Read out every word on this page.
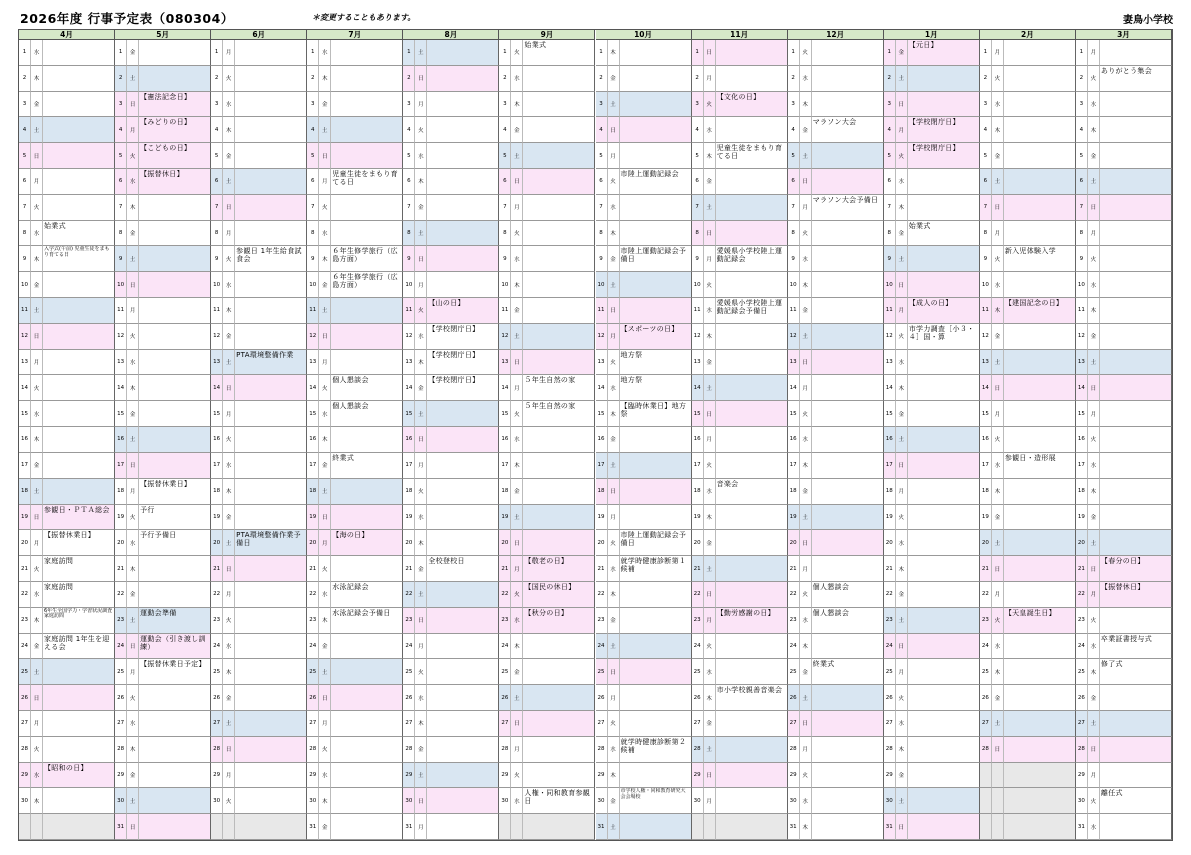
2026年度 行事予定表（080304）	＊変更することもあります。	妻鳥小学校
4月
1	水
2	木
3	金
4	土
5	日
6	月
7	火
8	水
始業式
9	木
入学式(午前) 児童生徒をまもり育てる日
10	金
11	土
12	日
13	月
14	火
15	水
16	木
17	金
18	土
19	日
参観日・ＰＴＡ総会
20	月
【振替休業日】
21	火
家庭訪問
22	水
家庭訪問
23	木
6年生全国学力・学習状況調査 家庭訪問
24	金
家庭訪問 1年生を迎える会
25	土
26	日
27	月
28	火
29	水
【昭和の日】
30	木
5月
1	金
2	土
3	日
【憲法記念日】
4	月
【みどりの日】
5	火
【こどもの日】
6	水
【振替休日】
7	木
8	金
9	土
10	日
11	月
12	火
13	水
14	木
15	金
16	土
17	日
18	月
【振替休業日】
19	火
予行
20	水
予行予備日
21	木
22	金
23	土
運動会準備
24	日
運動会（引き渡し訓練）
25	月
【振替休業日予定】
26	火
27	水
28	木
29	金
30	土
31	日
6月
1	月
2	火
3	水
4	木
5	金
6	土
7	日
8	月
9	火
参観日 1年生給食試食会
10	水
11	木
12	金
13	土
PTA環境整備作業
14	日
15	月
16	火
17	水
18	木
19	金
20	土
PTA環境整備作業予備日
21	日
22	月
23	火
24	水
25	木
26	金
27	土
28	日
29	月
30	火
7月
1	水
2	木
3	金
4	土
5	日
6	月
児童生徒をまもり育てる日
7	火
8	水
9	木
６年生修学旅行（広島方面）
10	金
６年生修学旅行（広島方面）
11	土
12	日
13	月
14	火
個人懇談会
15	水
個人懇談会
16	木
17	金
終業式
18	土
19	日
20	月
【海の日】
21	火
22	水
水泳記録会
23	木
水泳記録会予備日
24	金
25	土
26	日
27	月
28	火
29	水
30	木
31	金
8月
1	土
2	日
3	月
4	火
5	水
6	木
7	金
8	土
9	日
10	月
11	火
【山の日】
12	水
【学校閉庁日】
13	木
【学校閉庁日】
14	金
【学校閉庁日】
15	土
16	日
17	月
18	火
19	水
20	木
21	金
全校登校日
22	土
23	日
24	月
25	火
26	水
27	木
28	金
29	土
30	日
31	月
9月
1	火
始業式
2	水
3	木
4	金
5	土
6	日
7	月
8	火
9	水
10	木
11	金
12	土
13	日
14	月
５年生自然の家
15	火
５年生自然の家
16	水
17	木
18	金
19	土
20	日
21	月
【敬老の日】
22	火
【国民の休日】
23	水
【秋分の日】
24	木
25	金
26	土
27	日
28	月
29	火
30	水
人権・同和教育参観日
10月
1	木
2	金
3	土
4	日
5	月
6	火
市陸上運動記録会
7	水
8	木
9	金
市陸上運動記録会予備日
10	土
11	日
12	月
【スポーツの日】
13	火
地方祭
14	水
地方祭
15	木
【臨時休業日】地方祭
16	金
17	土
18	日
19	月
20	火
市陸上運動記録会予備日
21	水
就学時健康診断第１候補
22	木
23	金
24	土
25	日
26	月
27	火
28	水
就学時健康診断第２候補
29	木
30	金
市学校人権・同和教育研究大会会場校
31	土
11月
1	日
2	月
3	火
【文化の日】
4	水
5	木
児童生徒をまもり育てる日
6	金
7	土
8	日
9	月
愛媛県小学校陸上運動記録会
10	火
11	水
愛媛県小学校陸上運動記録会予備日
12	木
13	金
14	土
15	日
16	月
17	火
18	水
音楽会
19	木
20	金
21	土
22	日
23	月
【勤労感謝の日】
24	火
25	水
26	木
市小学校親善音楽会
27	金
28	土
29	日
30	月
12月
1	火
2	水
3	木
4	金
マラソン大会
5	土
6	日
7	月
マラソン大会予備日
8	火
9	水
10	木
11	金
12	土
13	日
14	月
15	火
16	水
17	木
18	金
19	土
20	日
21	月
22	火
個人懇談会
23	水
個人懇談会
24	木
25	金
終業式
26	土
27	日
28	月
29	火
30	水
31	木
1月
1	金
【元日】
2	土
3	日
4	月
【学校閉庁日】
5	火
【学校閉庁日】
6	水
7	木
8	金
始業式
9	土
10	日
11	月
【成人の日】
12	火
市学力調査［小３・４］国・算
13	水
14	木
15	金
16	土
17	日
18	月
19	火
20	水
21	木
22	金
23	土
24	日
25	月
26	火
27	水
28	木
29	金
30	土
31	日
2月
1	月
2	火
3	水
4	木
5	金
6	土
7	日
8	月
9	火
新入児体験入学
10	水
11	木
【建国記念の日】
12	金
13	土
14	日
15	月
16	火
17	水
参観日・造形展
18	木
19	金
20	土
21	日
22	月
23	火
【天皇誕生日】
24	水
25	木
26	金
27	土
28	日
3月
1	月
2	火
ありがとう集会
3	水
4	木
5	金
6	土
7	日
8	月
9	火
10	水
11	木
12	金
13	土
14	日
15	月
16	火
17	水
18	木
19	金
20	土
21	日
【春分の日】
22	月
【振替休日】
23	火
24	水
卒業証書授与式
25	木
修了式
26	金
27	土
28	日
29	月
30	火
離任式
31	水
